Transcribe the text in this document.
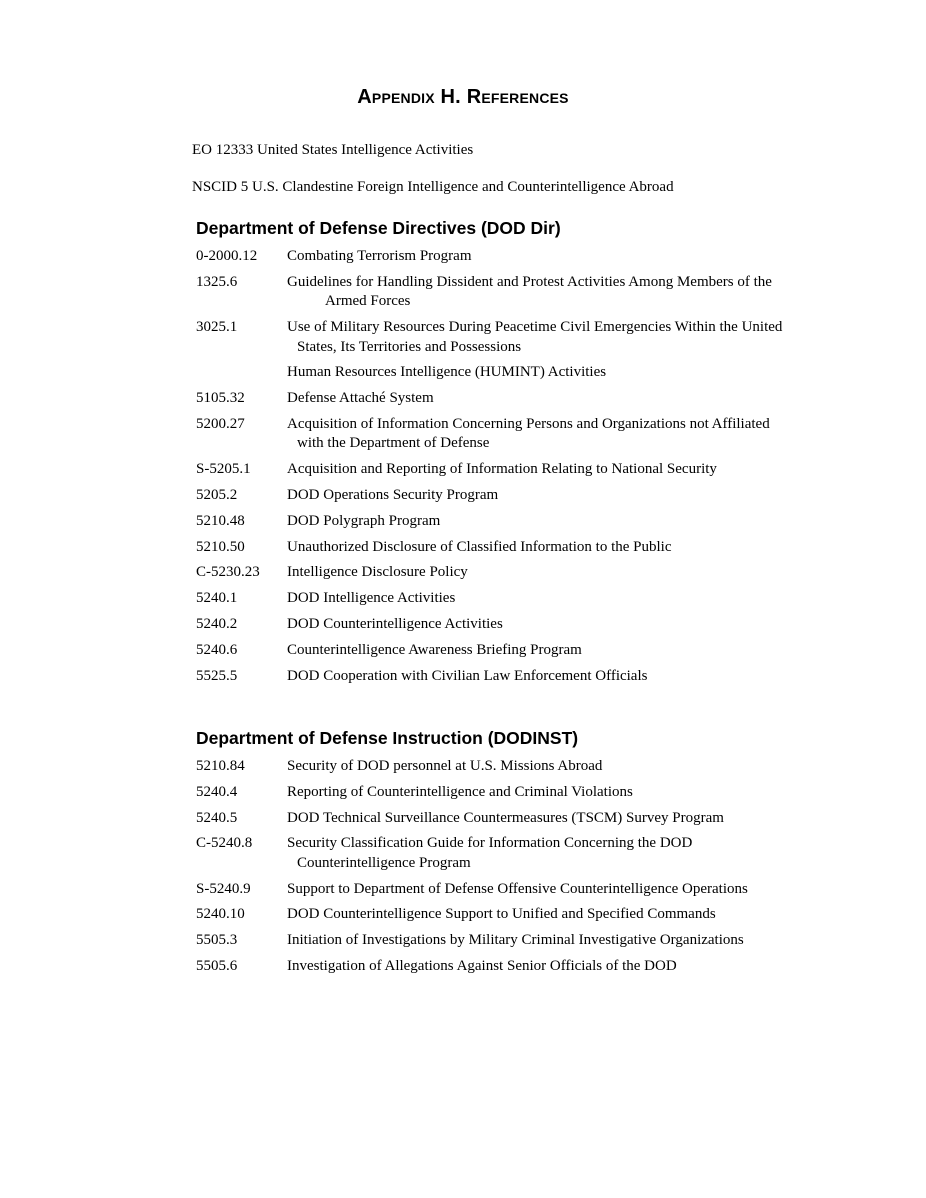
Appendix H. References
EO 12333 United States Intelligence Activities
NSCID 5 U.S. Clandestine Foreign Intelligence and Counterintelligence Abroad
Department of Defense Directives (DOD Dir)
0-2000.12	Combating Terrorism Program
1325.6	Guidelines for Handling Dissident and Protest Activities Among Members of the Armed Forces
3025.1	Use of Military Resources During Peacetime Civil Emergencies Within the United States, Its Territories and Possessions
Human Resources Intelligence (HUMINT) Activities
5105.32	Defense Attaché System
5200.27	Acquisition of Information Concerning Persons and Organizations not Affiliated with the Department of Defense
S-5205.1	Acquisition and Reporting of Information Relating to National Security
5205.2	DOD Operations Security Program
5210.48	DOD Polygraph Program
5210.50	Unauthorized Disclosure of Classified Information to the Public
C-5230.23	Intelligence Disclosure Policy
5240.1	DOD Intelligence Activities
5240.2	DOD Counterintelligence Activities
5240.6	Counterintelligence Awareness Briefing Program
5525.5	DOD Cooperation with Civilian Law Enforcement Officials
Department of Defense Instruction (DODINST)
5210.84	Security of DOD personnel at U.S. Missions Abroad
5240.4	Reporting of Counterintelligence and Criminal Violations
5240.5	DOD Technical Surveillance Countermeasures (TSCM) Survey Program
C-5240.8	Security Classification Guide for Information Concerning the DOD Counterintelligence Program
S-5240.9	Support to Department of Defense Offensive Counterintelligence Operations
5240.10	DOD Counterintelligence Support to Unified and Specified Commands
5505.3	Initiation of Investigations by Military Criminal Investigative Organizations
5505.6	Investigation of Allegations Against Senior Officials of the DOD
